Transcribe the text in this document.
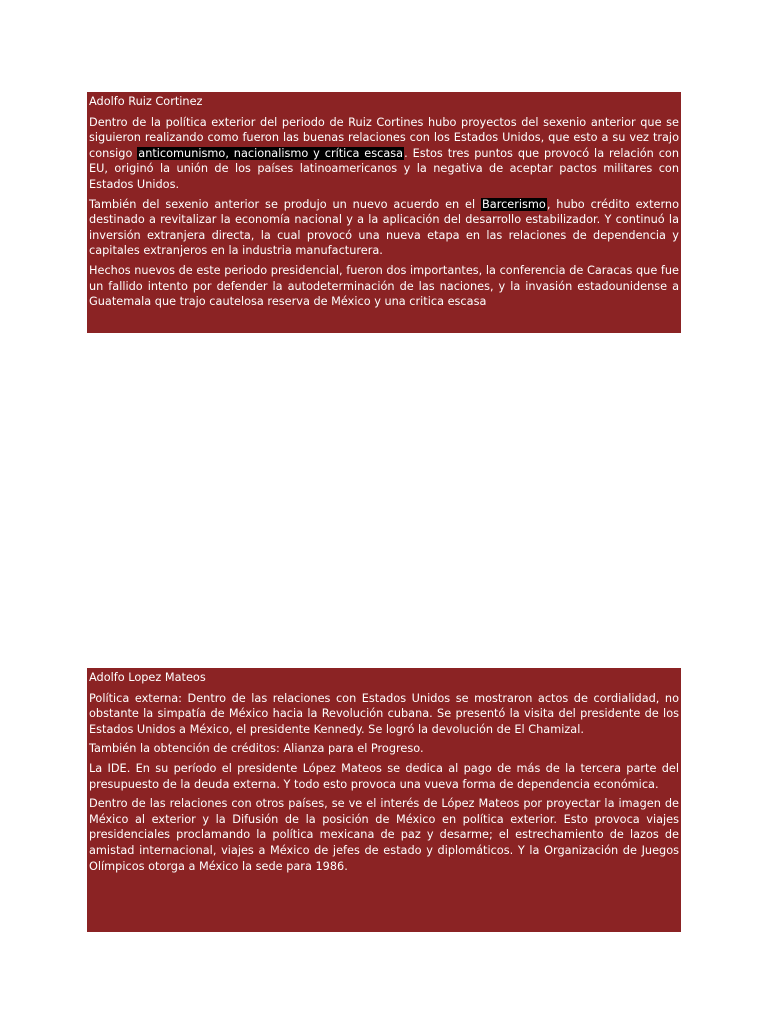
Adolfo Ruiz Cortinez

Dentro de la política exterior del periodo de Ruiz Cortines hubo proyectos del sexenio anterior que se siguieron realizando como fueron las buenas relaciones con los Estados Unidos, que esto a su vez trajo consigo anticomunismo, nacionalismo y crítica escasa. Estos tres puntos que provocó la relación con EU, originó la unión de los países latinoamericanos y la negativa de aceptar pactos militares con Estados Unidos.

También del sexenio anterior se produjo un nuevo acuerdo en el Barcerismo, hubo crédito externo destinado a revitalizar la economía nacional y a la aplicación del desarrollo estabilizador. Y continuó la inversión extranjera directa, la cual provocó una nueva etapa en las relaciones de dependencia y capitales extranjeros en la industria manufacturera.

Hechos nuevos de este periodo presidencial, fueron dos importantes, la conferencia de Caracas que fue un fallido intento por defender la autodeterminación de las naciones, y la invasión estadounidense a Guatemala que trajo cautelosa reserva de México y una critica escasa

Adolfo Lopez Mateos

Política externa: Dentro de las relaciones con Estados Unidos se mostraron actos de cordialidad, no obstante la simpatía de México hacia la Revolución cubana. Se presentó la visita del presidente de los Estados Unidos a México, el presidente Kennedy. Se logró la devolución de El Chamizal.

También la obtención de créditos: Alianza para el Progreso.

La IDE. En su período el presidente López Mateos se dedica al pago de más de la tercera parte del presupuesto de la deuda externa. Y todo esto provoca una vueva forma de dependencia económica.

Dentro de las relaciones con otros países, se ve el interés de López Mateos por proyectar la imagen de México al exterior y la Difusión de la posición de México en política exterior. Esto provoca viajes presidenciales proclamando la política mexicana de paz y desarme; el estrechamiento de lazos de amistad internacional, viajes a México de jefes de estado y diplomáticos. Y la Organización de Juegos Olímpicos otorga a México la sede para 1986.
